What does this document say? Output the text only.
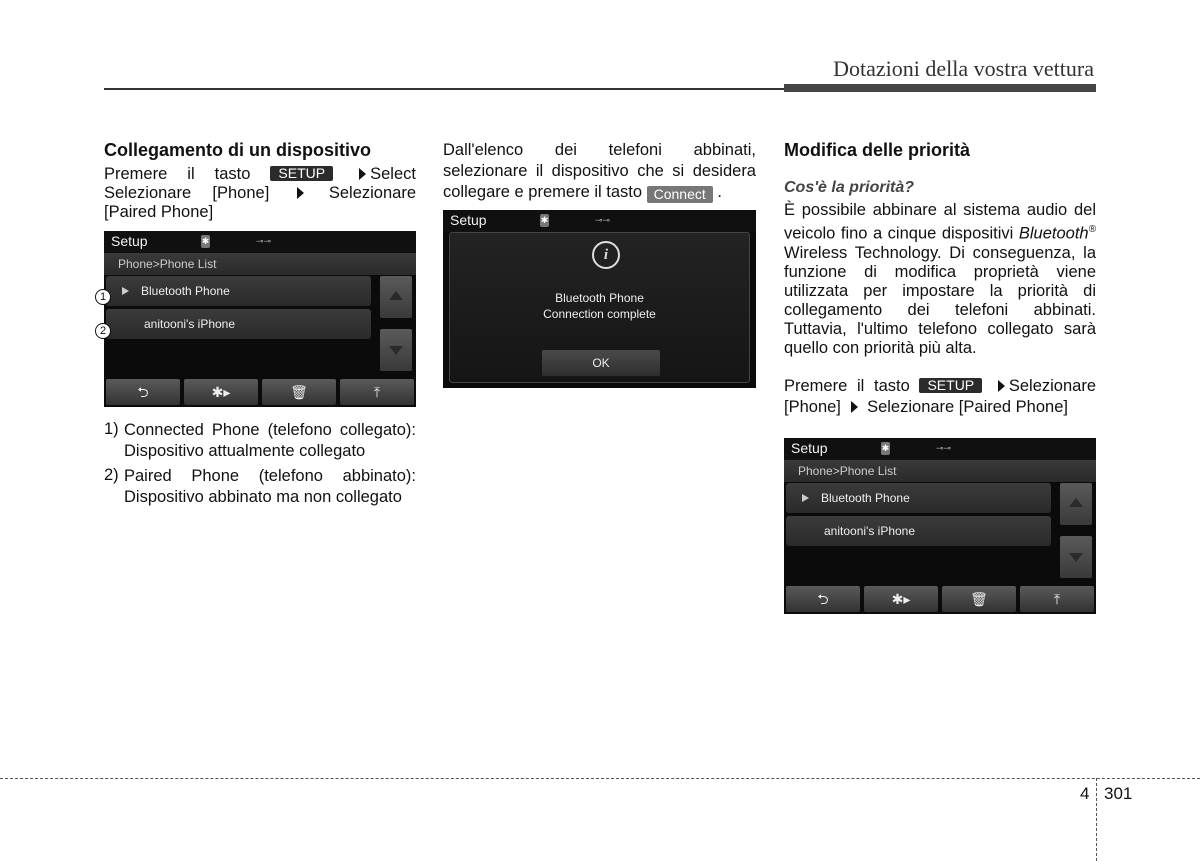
Dotazioni della vostra vettura
Collegamento di un dispositivo

Premere il tasto SETUP	Select Selezionare [Phone]	Selezionare [Paired Phone]

Setup	✱	⊸⊸
Phone>Phone List
Bluetooth Phone
anitooni's iPhone
⮌	✱▸	🗑	⤒
1
2
1) Connected Phone (telefono collegato): Dispositivo attualmente collegato
2) Paired Phone (telefono abbinato): Dispositivo abbinato ma non collegato

Dall'elenco dei telefoni abbinati, selezionare il dispositivo che si desidera collegare e premere il tasto Connect .

Setup	✱	⊸⊸
i
Bluetooth Phone
Connection complete
OK
Modifica delle priorità
Cos'è la priorità?

È possibile abbinare al sistema audio del veicolo fino a cinque dispositivi Bluetooth® Wireless Technology. Di conseguenza, la funzione di modifica proprietà viene utilizzata per impostare la priorità di collegamento dei telefoni abbinati. Tuttavia, l'ultimo telefono collegato sarà quello con priorità più alta.

Premere il tasto SETUP Selezionare [Phone] Selezionare [Paired Phone]

Setup	✱	⊸⊸
Phone>Phone List
Bluetooth Phone
anitooni's iPhone
⮌	✱▸	🗑	⤒
4 301
